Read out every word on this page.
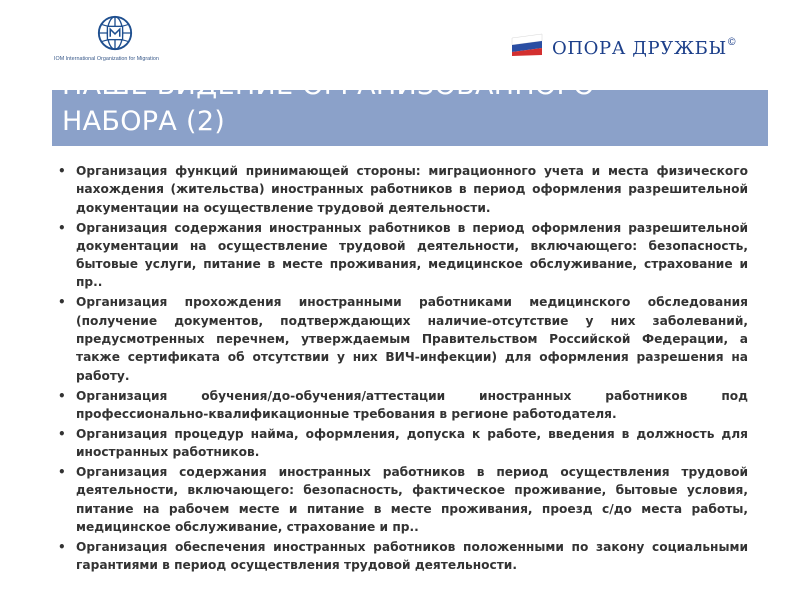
IOM International Organization for Migration	ОПОРА ДРУЖБЫ©
НАШЕ ВИДЕНИЕ ОРГАНИЗОВАННОГО
НАБОРА (2)
• Организация функций принимающей стороны: миграционного учета и места физического нахождения (жительства) иностранных работников в период оформления разрешительной документации на осуществление трудовой деятельности.
• Организация содержания иностранных работников в период оформления разрешительной документации на осуществление трудовой деятельности, включающего: безопасность, бытовые услуги, питание в месте проживания, медицинское обслуживание, страхование и пр..
• Организация прохождения иностранными работниками медицинского обследования (получение документов, подтверждающих наличие-отсутствие у них заболеваний, предусмотренных перечнем, утверждаемым Правительством Российской Федерации, а также сертификата об отсутствии у них ВИЧ-инфекции) для оформления разрешения на работу.
• Организация обучения/до-обучения/аттестации иностранных работников под профессионально-квалификационные требования в регионе работодателя.
• Организация процедур найма, оформления, допуска к работе, введения в должность для иностранных работников.
• Организация содержания иностранных работников в период осуществления трудовой деятельности, включающего: безопасность, фактическое проживание, бытовые условия, питание на рабочем месте и питание в месте проживания, проезд с/до места работы, медицинское обслуживание, страхование и пр..
• Организация обеспечения иностранных работников положенными по закону социальными гарантиями в период осуществления трудовой деятельности.
